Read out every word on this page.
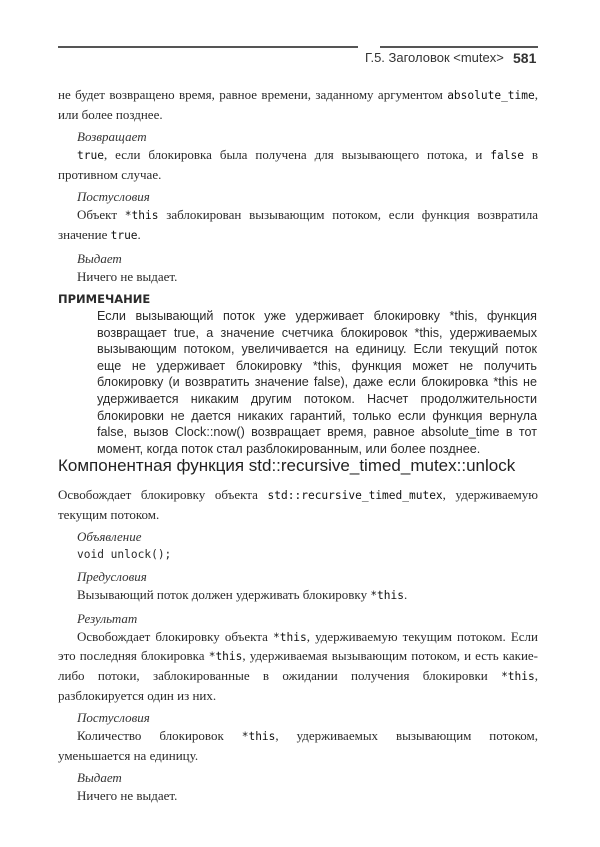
Г.5. Заголовок <mutex> 581

не будет возвращено время, равное времени, заданному аргументом absolute_time, или более позднее.

Возвращает

true, если блокировка была получена для вызывающего потока, и false в противном случае.

Постусловия

Объект *this заблокирован вызывающим потоком, если функция возвратила значение true.

Выдает

Ничего не выдает.

ПРИМЕЧАНИЕ

Если вызывающий поток уже удерживает блокировку *this, функция возвращает true, а значение счетчика блокировок *this, удерживаемых вызывающим потоком, увеличивается на единицу. Если текущий поток еще не удерживает блокировку *this, функция может не получить блокировку (и возвратить значение false), даже если блокировка *this не удерживается никаким другим потоком. Насчет продолжительности блокировки не дается никаких гарантий, только если функция вернула false, вызов Clock::now() возвращает время, равное absolute_time в тот момент, когда поток стал разблокированным, или более позднее.

Компонентная функция std::recursive_timed_mutex::unlock

Освобождает блокировку объекта std::recursive_timed_mutex, удерживаемую текущим потоком.

Объявление

void unlock();

Предусловия

Вызывающий поток должен удерживать блокировку *this.

Результат

Освобождает блокировку объекта *this, удерживаемую текущим потоком. Если это последняя блокировка *this, удерживаемая вызывающим потоком, и есть какие-либо потоки, заблокированные в ожидании получения блокировки *this, разблокируется один из них.

Постусловия

Количество блокировок *this, удерживаемых вызывающим потоком, уменьшается на единицу.

Выдает

Ничего не выдает.
